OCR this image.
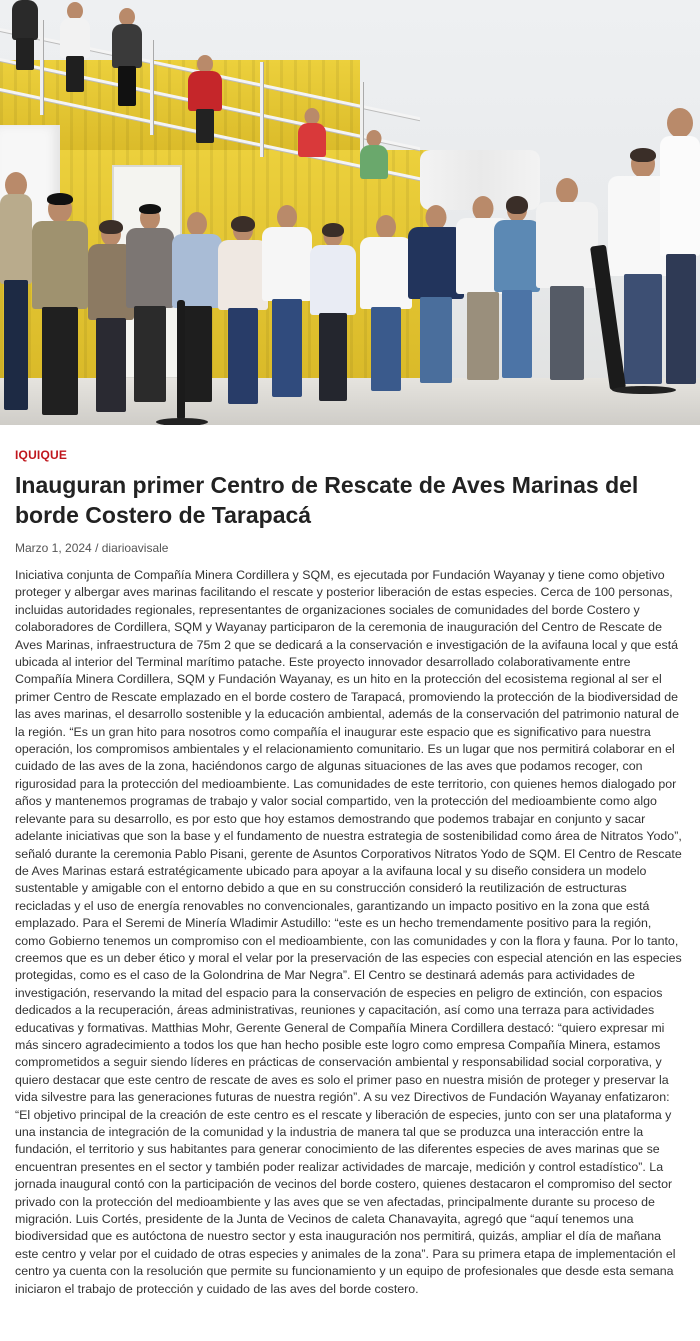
IQUIQUE
Inauguran primer Centro de Rescate de Aves Marinas del borde Costero de Tarapacá
Marzo 1, 2024 / diarioavisale

Iniciativa conjunta de Compañía Minera Cordillera y SQM, es ejecutada por Fundación Wayanay y tiene como objetivo proteger y albergar aves marinas facilitando el rescate y posterior liberación de estas especies. Cerca de 100 personas, incluidas autoridades regionales, representantes de organizaciones sociales de comunidades del borde Costero y colaboradores de Cordillera, SQM y Wayanay participaron de la ceremonia de inauguración del Centro de Rescate de Aves Marinas, infraestructura de 75m 2 que se dedicará a la conservación e investigación de la avifauna local y que está ubicada al interior del Terminal marítimo patache. Este proyecto innovador desarrollado colaborativamente entre Compañía Minera Cordillera, SQM y Fundación Wayanay, es un hito en la protección del ecosistema regional al ser el primer Centro de Rescate emplazado en el borde costero de Tarapacá, promoviendo la protección de la biodiversidad de las aves marinas, el desarrollo sostenible y la educación ambiental, además de la conservación del patrimonio natural de la región. “Es un gran hito para nosotros como compañía el inaugurar este espacio que es significativo para nuestra operación, los compromisos ambientales y el relacionamiento comunitario. Es un lugar que nos permitirá colaborar en el cuidado de las aves de la zona, haciéndonos cargo de algunas situaciones de las aves que podamos recoger, con rigurosidad para la protección del medioambiente. Las comunidades de este territorio, con quienes hemos dialogado por años y mantenemos programas de trabajo y valor social compartido, ven la protección del medioambiente como algo relevante para su desarrollo, es por esto que hoy estamos demostrando que podemos trabajar en conjunto y sacar adelante iniciativas que son la base y el fundamento de nuestra estrategia de sostenibilidad como área de Nitratos Yodo”, señaló durante la ceremonia Pablo Pisani, gerente de Asuntos Corporativos Nitratos Yodo de SQM. El Centro de Rescate de Aves Marinas estará estratégicamente ubicado para apoyar a la avifauna local y su diseño considera un modelo sustentable y amigable con el entorno debido a que en su construcción consideró la reutilización de estructuras recicladas y el uso de energía renovables no convencionales, garantizando un impacto positivo en la zona que está emplazado. Para el Seremi de Minería Wladimir Astudillo: “este es un hecho tremendamente positivo para la región, como Gobierno tenemos un compromiso con el medioambiente, con las comunidades y con la flora y fauna. Por lo tanto, creemos que es un deber ético y moral el velar por la preservación de las especies con especial atención en las especies protegidas, como es el caso de la Golondrina de Mar Negra”. El Centro se destinará además para actividades de investigación, reservando la mitad del espacio para la conservación de especies en peligro de extinción, con espacios dedicados a la recuperación, áreas administrativas, reuniones y capacitación, así como una terraza para actividades educativas y formativas. Matthias Mohr, Gerente General de Compañía Minera Cordillera destacó: “quiero expresar mi más sincero agradecimiento a todos los que han hecho posible este logro como empresa Compañía Minera, estamos comprometidos a seguir siendo líderes en prácticas de conservación ambiental y responsabilidad social corporativa, y quiero destacar que este centro de rescate de aves es solo el primer paso en nuestra misión de proteger y preservar la vida silvestre para las generaciones futuras de nuestra región”. A su vez Directivos de Fundación Wayanay enfatizaron: “El objetivo principal de la creación de este centro es el rescate y liberación de especies, junto con ser una plataforma y una instancia de integración de la comunidad y la industria de manera tal que se produzca una interacción entre la fundación, el territorio y sus habitantes para generar conocimiento de las diferentes especies de aves marinas que se encuentran presentes en el sector y también poder realizar actividades de marcaje, medición y control estadístico”. La jornada inaugural contó con la participación de vecinos del borde costero, quienes destacaron el compromiso del sector privado con la protección del medioambiente y las aves que se ven afectadas, principalmente durante su proceso de migración. Luis Cortés, presidente de la Junta de Vecinos de caleta Chanavayita, agregó que “aquí tenemos una biodiversidad que es autóctona de nuestro sector y esta inauguración nos permitirá, quizás, ampliar el día de mañana este centro y velar por el cuidado de otras especies y animales de la zona”. Para su primera etapa de implementación el centro ya cuenta con la resolución que permite su funcionamiento y un equipo de profesionales que desde esta semana iniciaron el trabajo de protección y cuidado de las aves del borde costero.
